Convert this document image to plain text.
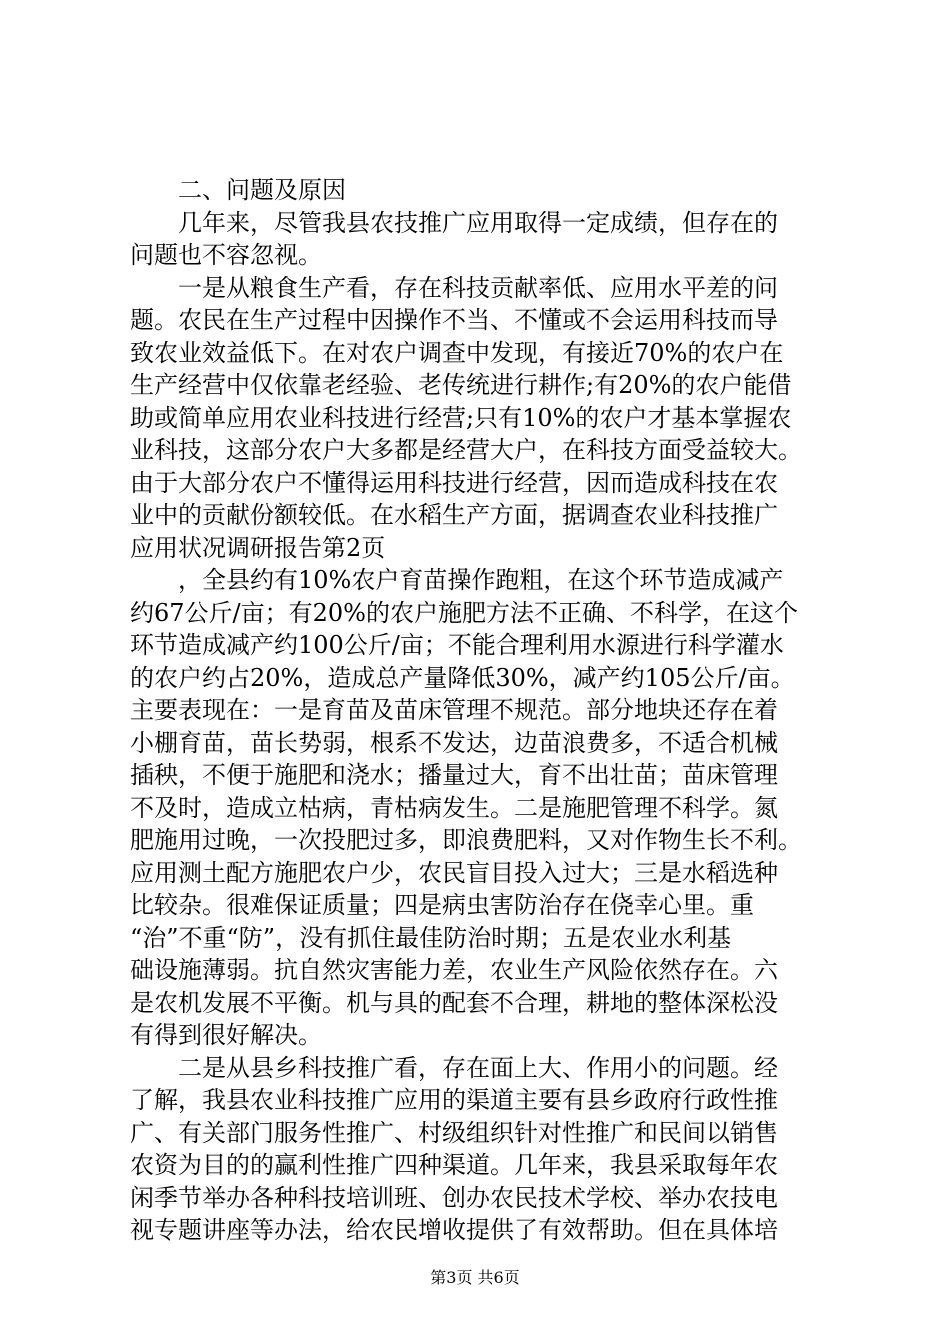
　　二、问题及原因
　　几年来，尽管我县农技推广应用取得一定成绩，但存在的
问题也不容忽视。
　　一是从粮食生产看，存在科技贡献率低、应用水平差的问
题。农民在生产过程中因操作不当、不懂或不会运用科技而导
致农业效益低下。在对农户调查中发现，有接近70%的农户在
生产经营中仅依靠老经验、老传统进行耕作;有20%的农户能借
助或简单应用农业科技进行经营;只有10%的农户才基本掌握农
业科技，这部分农户大多都是经营大户，在科技方面受益较大。
由于大部分农户不懂得运用科技进行经营，因而造成科技在农
业中的贡献份额较低。在水稻生产方面，据调查农业科技推广
应用状况调研报告第2页
　　，全县约有10%农户育苗操作跑粗，在这个环节造成减产
约67公斤/亩；有20%的农户施肥方法不正确、不科学，在这个
环节造成减产约100公斤/亩；不能合理利用水源进行科学灌水
的农户约占20%，造成总产量降低30%，减产约105公斤/亩。
主要表现在：一是育苗及苗床管理不规范。部分地块还存在着
小棚育苗，苗长势弱，根系不发达，边苗浪费多，不适合机械
插秧，不便于施肥和浇水；播量过大，育不出壮苗；苗床管理
不及时，造成立枯病，青枯病发生。二是施肥管理不科学。氮
肥施用过晚，一次投肥过多，即浪费肥料，又对作物生长不利。
应用测土配方施肥农户少，农民盲目投入过大；三是水稻选种
比较杂。很难保证质量；四是病虫害防治存在侥幸心里。重
“治”不重“防”，没有抓住最佳防治时期；五是农业水利基
础设施薄弱。抗自然灾害能力差，农业生产风险依然存在。六
是农机发展不平衡。机与具的配套不合理，耕地的整体深松没
有得到很好解决。
　　二是从县乡科技推广看，存在面上大、作用小的问题。经
了解，我县农业科技推广应用的渠道主要有县乡政府行政性推
广、有关部门服务性推广、村级组织针对性推广和民间以销售
农资为目的的赢利性推广四种渠道。几年来，我县采取每年农
闲季节举办各种科技培训班、创办农民技术学校、举办农技电
视专题讲座等办法，给农民增收提供了有效帮助。但在具体培
第3页 共6页
